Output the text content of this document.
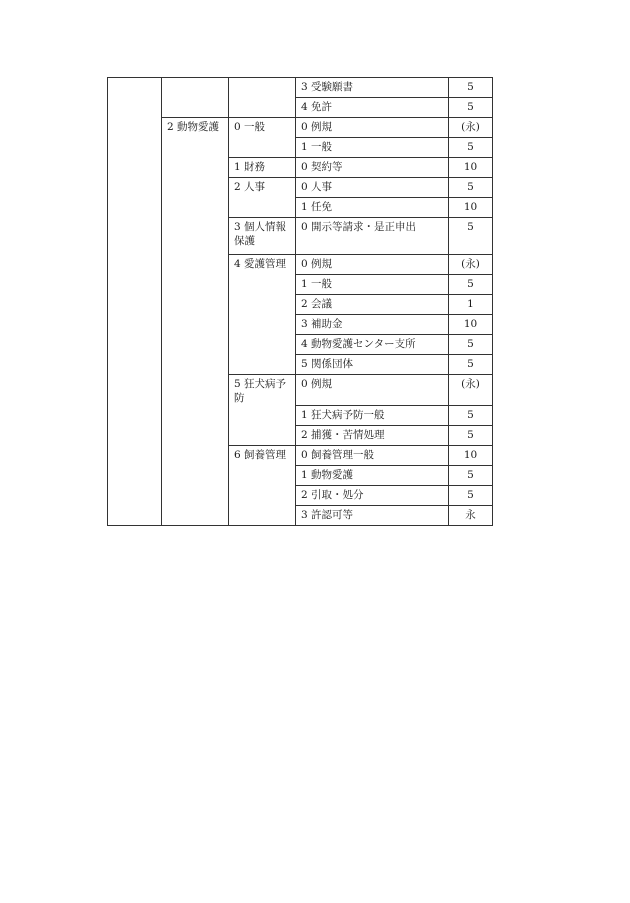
			3 受験願書	5
			4 免許	5
	2 動物愛護	0 一般	0 例規	(永)
			1 一般	5
		1 財務	0 契約等	10
		2 人事	0 人事	5
			1 任免	10
		3 個人情報保護	0 開示等請求・是正申出	5
		4 愛護管理	0 例規	(永)
			1 一般	5
			2 会議	1
			3 補助金	10
			4 動物愛護センター支所	5
			5 関係団体	5
		5 狂犬病予防	0 例規	(永)
			1 狂犬病予防一般	5
			2 捕獲・苦情処理	5
		6 飼養管理	0 飼養管理一般	10
			1 動物愛護	5
			2 引取・処分	5
			3 許認可等	永
